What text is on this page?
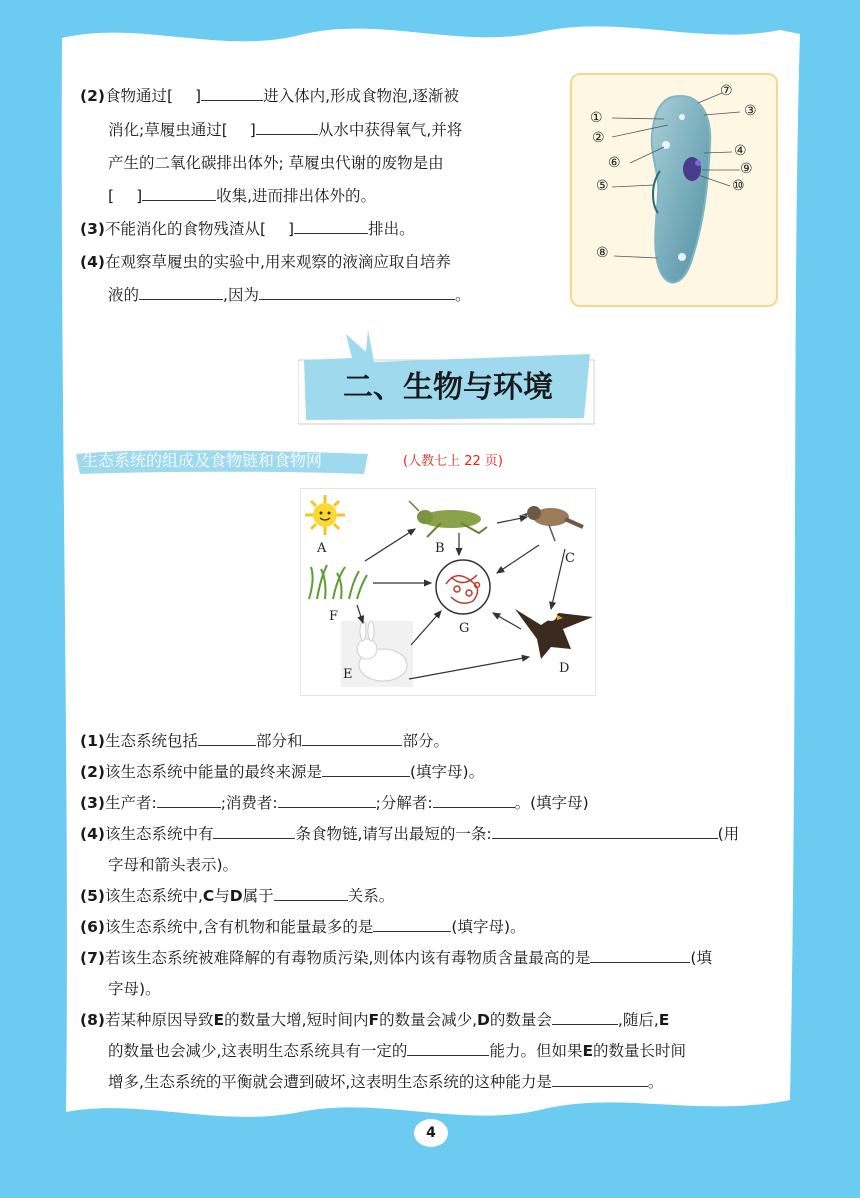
(2)食物通过[ ]	进入体内,形成食物泡,逐渐被
消化;草履虫通过[ ]	从水中获得氧气,并将
产生的二氧化碳排出体外; 草履虫代谢的废物是由
[ ]	收集,进而排出体外的。
(3)不能消化的食物残渣从[ ]	排出。
(4)在观察草履虫的实验中,用来观察的液滴应取自培养
液的	,因为	。
①
②
③
④
⑤
⑥
⑦
⑧
⑨
⑩
二、生物与环境
生态系统的组成及食物链和食物网	(人教七上 22 页)
A	B
C
F
G
D
E
(1)生态系统包括	部分和	部分。
(2)该生态系统中能量的最终来源是	(填字母)。
(3)生产者:	;消费者:	;分解者:	。(填字母)
(4)该生态系统中有	条食物链,请写出最短的一条:	(用
字母和箭头表示)。
(5)该生态系统中,C与D属于	关系。
(6)该生态系统中,含有机物和能量最多的是	(填字母)。
(7)若该生态系统被难降解的有毒物质污染,则体内该有毒物质含量最高的是	(填
字母)。
(8)若某种原因导致E的数量大增,短时间内F的数量会减少,D的数量会	,随后,E
的数量也会减少,这表明生态系统具有一定的	能力。但如果E的数量长时间
增多,生态系统的平衡就会遭到破坏,这表明生态系统的这种能力是	。
4
